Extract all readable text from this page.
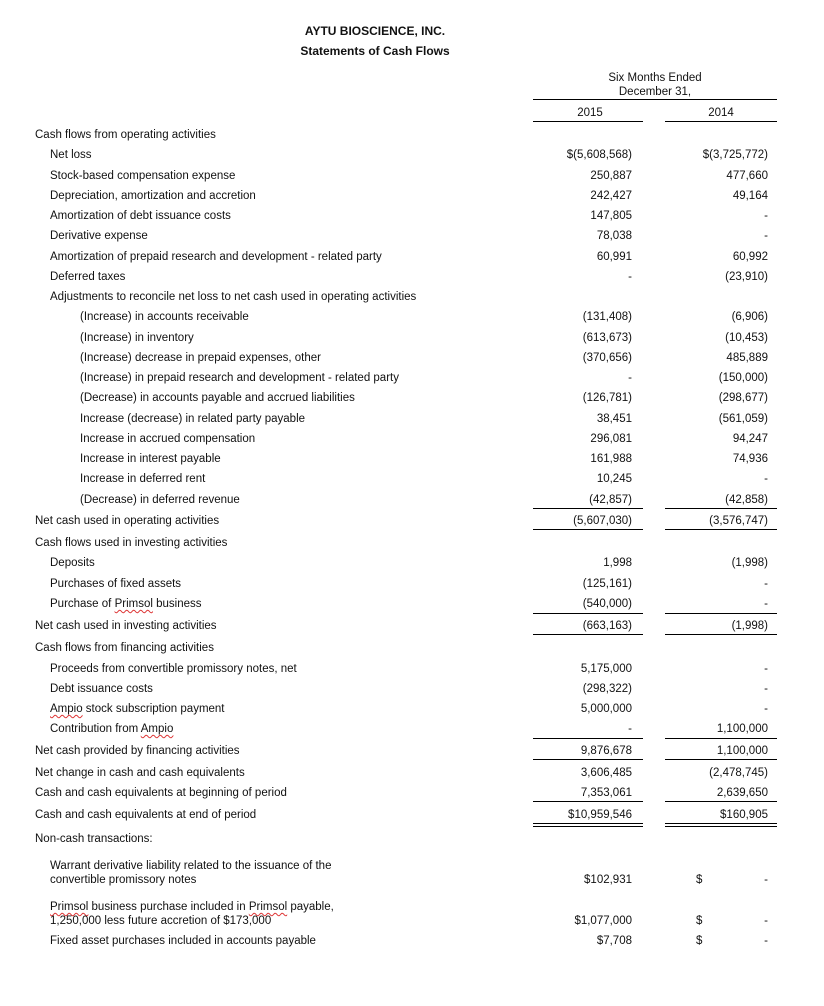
AYTU BIOSCIENCE, INC.
Statements of Cash Flows
Six Months Ended
December 31,
2015	2014
Cash flows from operating activities
Net loss	$(5,608,568)	$(3,725,772)
Stock-based compensation expense	250,887	477,660
Depreciation, amortization and accretion	242,427	49,164
Amortization of debt issuance costs	147,805	-
Derivative expense	78,038	-
Amortization of prepaid research and development - related party	60,991	60,992
Deferred taxes	-	(23,910)
Adjustments to reconcile net loss to net cash used in operating activities
(Increase) in accounts receivable	(131,408)	(6,906)
(Increase) in inventory	(613,673)	(10,453)
(Increase) decrease in prepaid expenses, other	(370,656)	485,889
(Increase) in prepaid research and development - related party	-	(150,000)
(Decrease) in accounts payable and accrued liabilities	(126,781)	(298,677)
Increase (decrease) in related party payable	38,451	(561,059)
Increase in accrued compensation	296,081	94,247
Increase in interest payable	161,988	74,936
Increase in deferred rent	10,245	-
(Decrease) in deferred revenue	(42,857)	(42,858)
Net cash used in operating activities	(5,607,030)	(3,576,747)
Cash flows used in investing activities
Deposits	1,998	(1,998)
Purchases of fixed assets	(125,161)	-
Purchase of Primsol business	(540,000)	-
Net cash used in investing activities	(663,163)	(1,998)
Cash flows from financing activities
Proceeds from convertible promissory notes, net	5,175,000	-
Debt issuance costs	(298,322)	-
Ampio stock subscription payment	5,000,000	-
Contribution from Ampio	-	1,100,000
Net cash provided by financing activities	9,876,678	1,100,000
Net change in cash and cash equivalents	3,606,485	(2,478,745)
Cash and cash equivalents at beginning of period	7,353,061	2,639,650
Cash and cash equivalents at end of period	$10,959,546	$160,905
Non-cash transactions:
Warrant derivative liability related to the issuance of the
convertible promissory notes	$102,931	$	-
Primsol business purchase included in Primsol payable,
1,250,000 less future accretion of $173,000	$1,077,000	$	-
Fixed asset purchases included in accounts payable	$7,708	$	-
